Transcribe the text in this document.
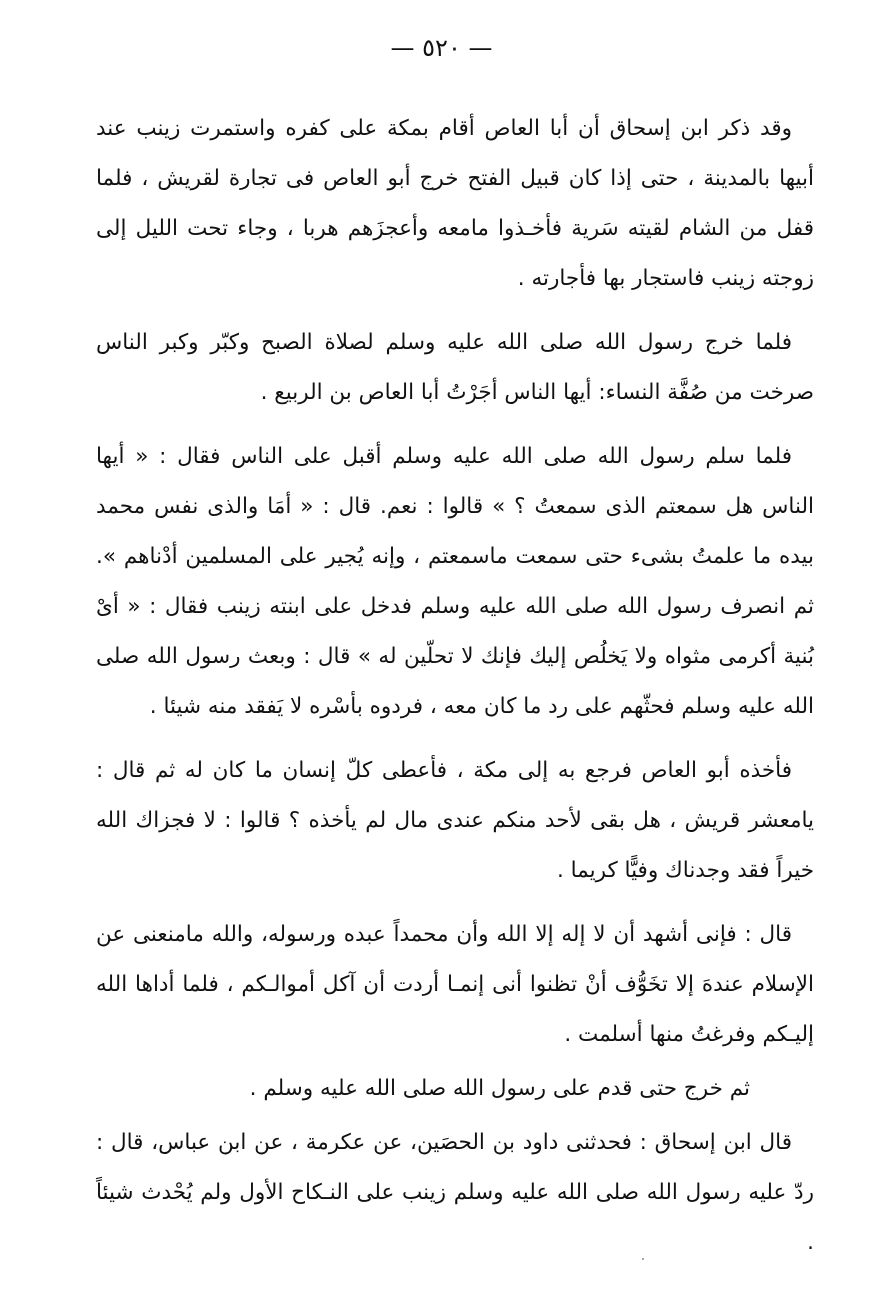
— ٥٢٠ —

وقد ذكر ابن إسحاق أن أبا العاص أقام بمكة على كفره واستمرت زينب عند أبيها بالمدينة ، حتى إذا كان قبيل الفتح خرج أبو العاص فى تجارة لقريش ، فلما قفل من الشام لقيته سَرية فأخـذوا مامعه وأعجزَهم هربا ، وجاء تحت الليل إلى زوجته زينب فاستجار بها فأجارته .

فلما خرج رسول الله صلى الله عليه وسلم لصلاة الصبح وكبّر وكبر الناس صرخت من صُفَّة النساء: أيها الناس أجَرْتُ أبا العاص بن الربيع .

فلما سلم رسول الله صلى الله عليه وسلم أقبل على الناس فقال : « أيها الناس هل سمعتم الذى سمعتُ ؟ » قالوا : نعم. قال : « أمَا والذى نفس محمد بيده ما علمتُ بشىء حتى سمعت ماسمعتم ، وإنه يُجير على المسلمين أدْناهم ». ثم انصرف رسول الله صلى الله عليه وسلم فدخل على ابنته زينب فقال : « أىْ بُنية أكرمى مثواه ولا يَخلُص إليك فإنك لا تحلّين له » قال : وبعث رسول الله صلى الله عليه وسلم فحثّهم على رد ما كان معه ، فردوه بأسْره لا يَفقد منه شيئا .

فأخذه أبو العاص فرجع به إلى مكة ، فأعطى كلّ إنسان ما كان له ثم قال : يامعشر قريش ، هل بقى لأحد منكم عندى مال لم يأخذه ؟ قالوا : لا فجزاك الله خيراً فقد وجدناك وفيًّا كريما .

قال : فإنى أشهد أن لا إله إلا الله وأن محمداً عبده ورسوله، والله مامنعنى عن الإسلام عندهَ إلا تخَوُّف أنْ تظنوا أنى إنمـا أردت أن آكل أموالـكم ، فلما أداها الله إليـكم وفرغتُ منها أسلمت .

ثم خرج حتى قدم على رسول الله صلى الله عليه وسلم .

قال ابن إسحاق : فحدثنى داود بن الحصَين، عن عكرمة ، عن ابن عباس، قال : ردّ عليه رسول الله صلى الله عليه وسلم زينب على النـكاح الأول ولم يُحْدث شيئاً .
